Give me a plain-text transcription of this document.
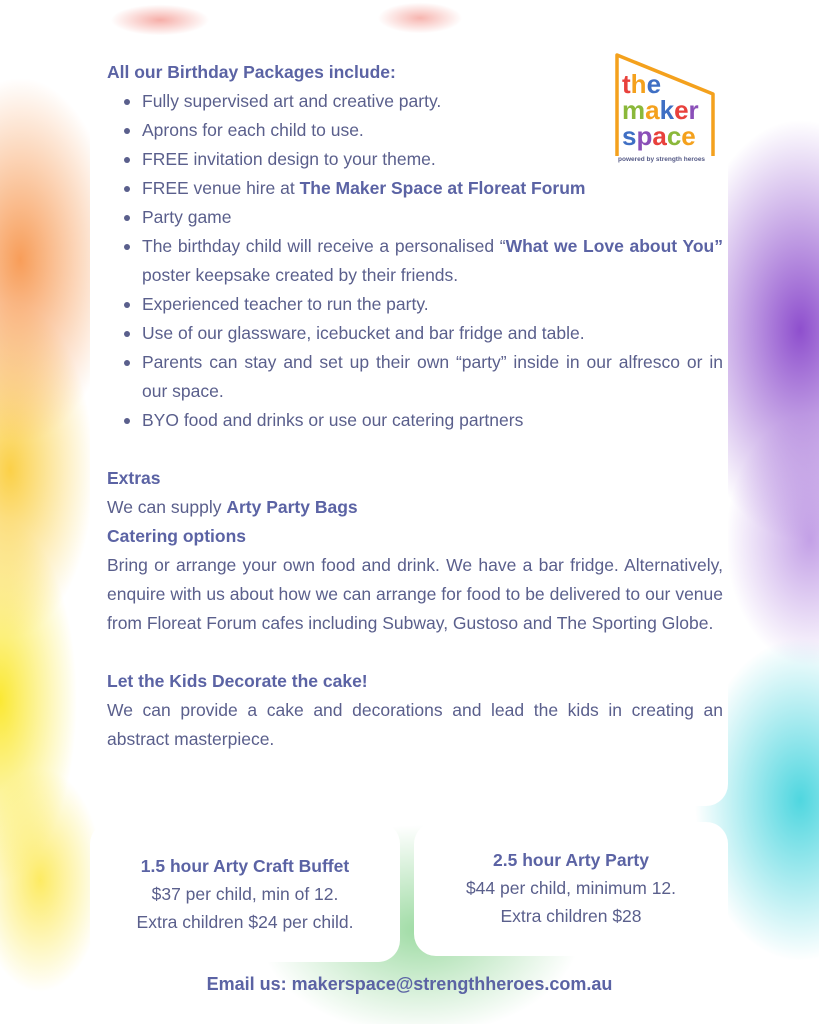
the
maker
space
powered by strength heroes
All our Birthday Packages include:
Fully supervised art and creative party.
Aprons for each child to use.
FREE invitation design to your theme.
FREE venue hire at The Maker Space at Floreat Forum
Party game
The birthday child will receive a personalised “What we Love about You” poster keepsake created by their friends.
Experienced teacher to run the party.
Use of our glassware, icebucket and bar fridge and table.
Parents can stay and set up their own “party” inside in our alfresco or in our space.
BYO food and drinks or use our catering partners
Extras

We can supply Arty Party Bags

Catering options

Bring or arrange your own food and drink. We have a bar fridge. Alternatively, enquire with us about how we can arrange for food to be delivered to our venue from Floreat Forum cafes including Subway, Gustoso and The Sporting Globe.

Let the Kids Decorate the cake!

We can provide a cake and decorations and lead the kids in creating an abstract masterpiece.

1.5 hour Arty Craft Buffet
$37 per child, min of 12.
Extra children $24 per child.
2.5 hour Arty Party
$44 per child, minimum 12.
Extra children $28
Email us: makerspace@strengthheroes.com.au
